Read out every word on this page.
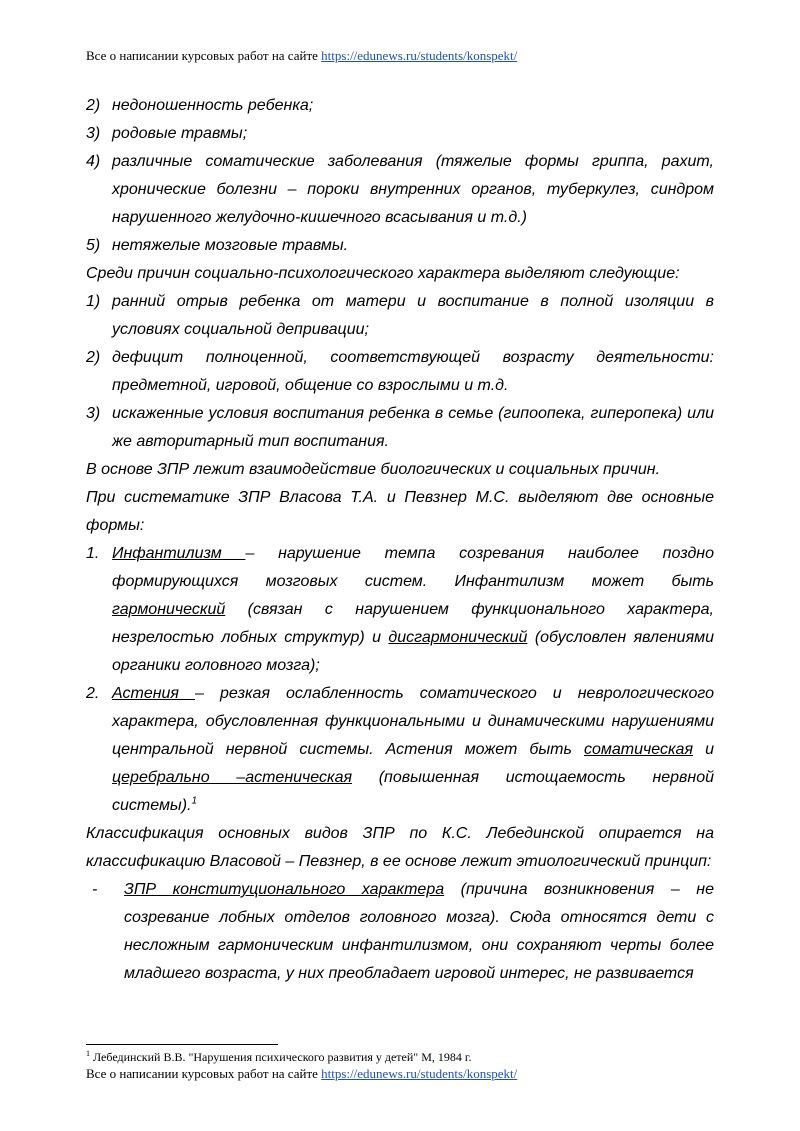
Все о написании курсовых работ на сайте https://edunews.ru/students/konspekt/
2) недоношенность ребенка;
3) родовые травмы;
4) различные соматические заболевания (тяжелые формы гриппа, рахит, хронические болезни – пороки внутренних органов, туберкулез, синдром нарушенного желудочно-кишечного всасывания и т.д.)
5) нетяжелые мозговые травмы.

Среди причин социально-психологического характера выделяют следующие:

1) ранний отрыв ребенка от матери и воспитание в полной изоляции в условиях социальной депривации;
2) дефицит полноценной, соответствующей возрасту деятельности: предметной, игровой, общение со взрослыми и т.д.
3) искаженные условия воспитания ребенка в семье (гипоопека, гиперопека) или же авторитарный тип воспитания.

В основе ЗПР лежит взаимодействие биологических и социальных причин.

При систематике ЗПР Власова Т.А. и Певзнер М.С. выделяют две основные формы:

1. Инфантилизм – нарушение темпа созревания наиболее поздно формирующихся мозговых систем. Инфантилизм может быть гармонический (связан с нарушением функционального характера, незрелостью лобных структур) и дисгармонический (обусловлен явлениями органики головного мозга);
2. Астения – резкая ослабленность соматического и неврологического характера, обусловленная функциональными и динамическими нарушениями центральной нервной системы. Астения может быть соматическая и церебрально –астеническая (повышенная истощаемость нервной системы).$^1$

Классификация основных видов ЗПР по К.С. Лебединской опирается на классификацию Власовой – Певзнер, в ее основе лежит этиологический принцип:

- ЗПР конституционального характера (причина возникновения – не созревание лобных отделов головного мозга). Сюда относятся дети с несложным гармоническим инфантилизмом, они сохраняют черты более младшего возраста, у них преобладает игровой интерес, не развивается
$^1$ Лебединский В.В. "Нарушения психического развития у детей" М, 1984 г.
Все о написании курсовых работ на сайте https://edunews.ru/students/konspekt/
